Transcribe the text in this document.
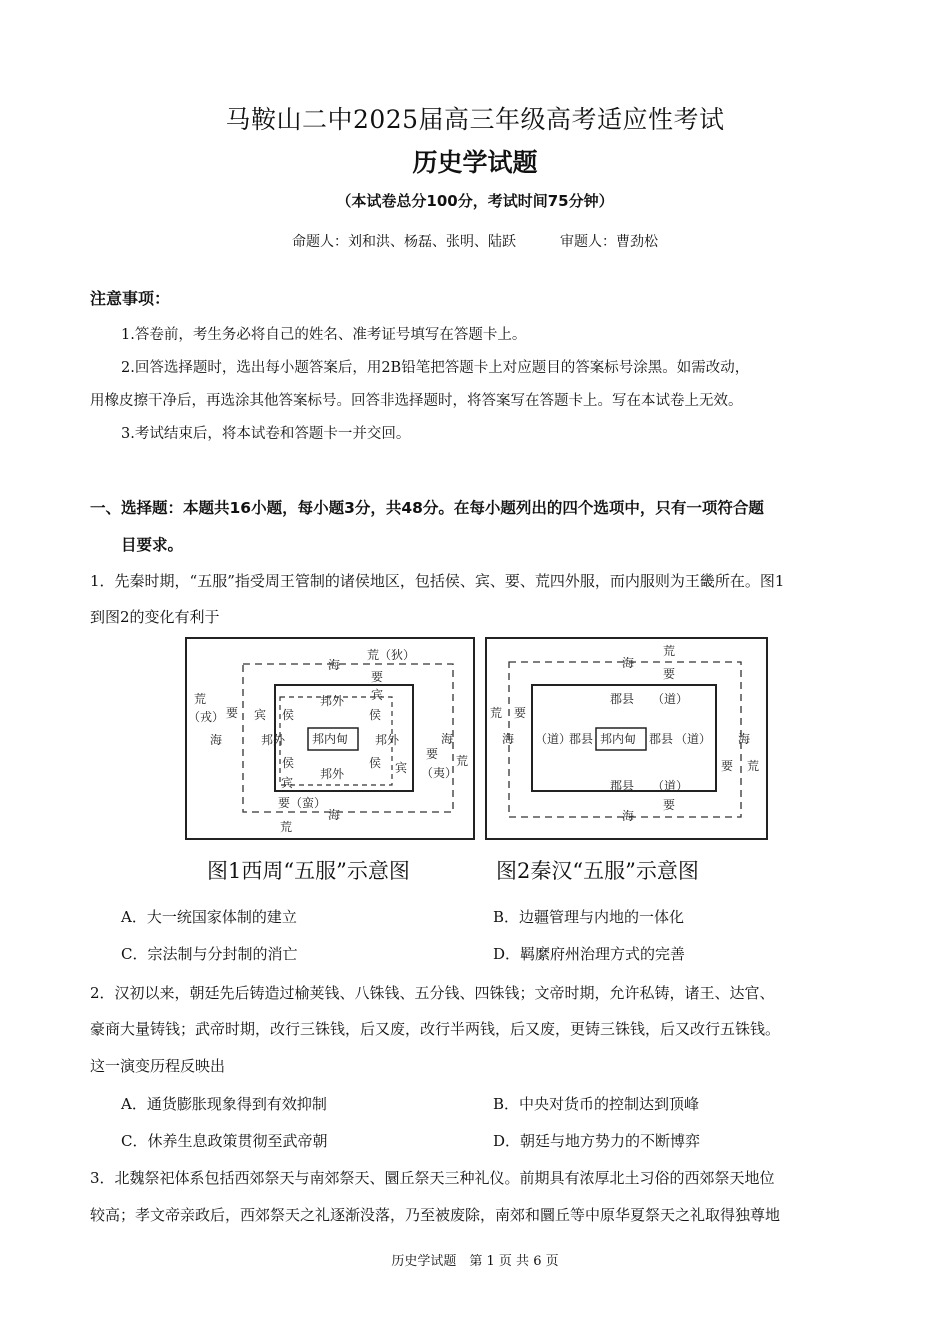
马鞍山二中2025届高三年级高考适应性考试
历史学试题
（本试卷总分100分，考试时间75分钟）
命题人：刘和洪、杨磊、张明、陆跃	审题人：曹劲松
注意事项：
1.答卷前，考生务必将自己的姓名、准考证号填写在答题卡上。
2.回答选择题时，选出每小题答案后，用2B铅笔把答题卡上对应题目的答案标号涂黑。如需改动，
用橡皮擦干净后，再选涂其他答案标号。回答非选择题时，将答案写在答题卡上。写在本试卷上无效。
3.考试结束后，将本试卷和答题卡一并交回。
一、选择题：本题共16小题，每小题3分，共48分。在每小题列出的四个选项中，只有一项符合题
目要求。
1．先秦时期，“五服”指受周王管制的诸侯地区，包括侯、宾、要、荒四外服，而内服则为王畿所在。图1
到图2的变化有利于
荒（狄）
海
要
宾
邦外
侯	侯
宾
要
荒
（戎）
海	邦外 邦内甸 邦外
侯	侯 宾
邦外
宾
要
（夷）
海
荒
要（蛮）
海
荒
荒
海
要
郡县 （道）
荒 要
海 （道）
郡县 邦内甸 郡县 （道） 海
要 荒
郡县 （道）
要
海
图1西周“五服”示意图	图2秦汉“五服”示意图
A．大一统国家体制的建立	B．边疆管理与内地的一体化
C．宗法制与分封制的消亡	D．羁縻府州治理方式的完善
2．汉初以来，朝廷先后铸造过榆荚钱、八铢钱、五分钱、四铢钱；文帝时期，允许私铸，诸王、达官、
豪商大量铸钱；武帝时期，改行三铢钱，后又废，改行半两钱，后又废，更铸三铢钱，后又改行五铢钱。
这一演变历程反映出
A．通货膨胀现象得到有效抑制	B．中央对货币的控制达到顶峰
C．休养生息政策贯彻至武帝朝	D．朝廷与地方势力的不断博弈
3．北魏祭祀体系包括西郊祭天与南郊祭天、圜丘祭天三种礼仪。前期具有浓厚北土习俗的西郊祭天地位
较高；孝文帝亲政后，西郊祭天之礼逐渐没落，乃至被废除，南郊和圜丘等中原华夏祭天之礼取得独尊地
历史学试题　第 1 页 共 6 页
